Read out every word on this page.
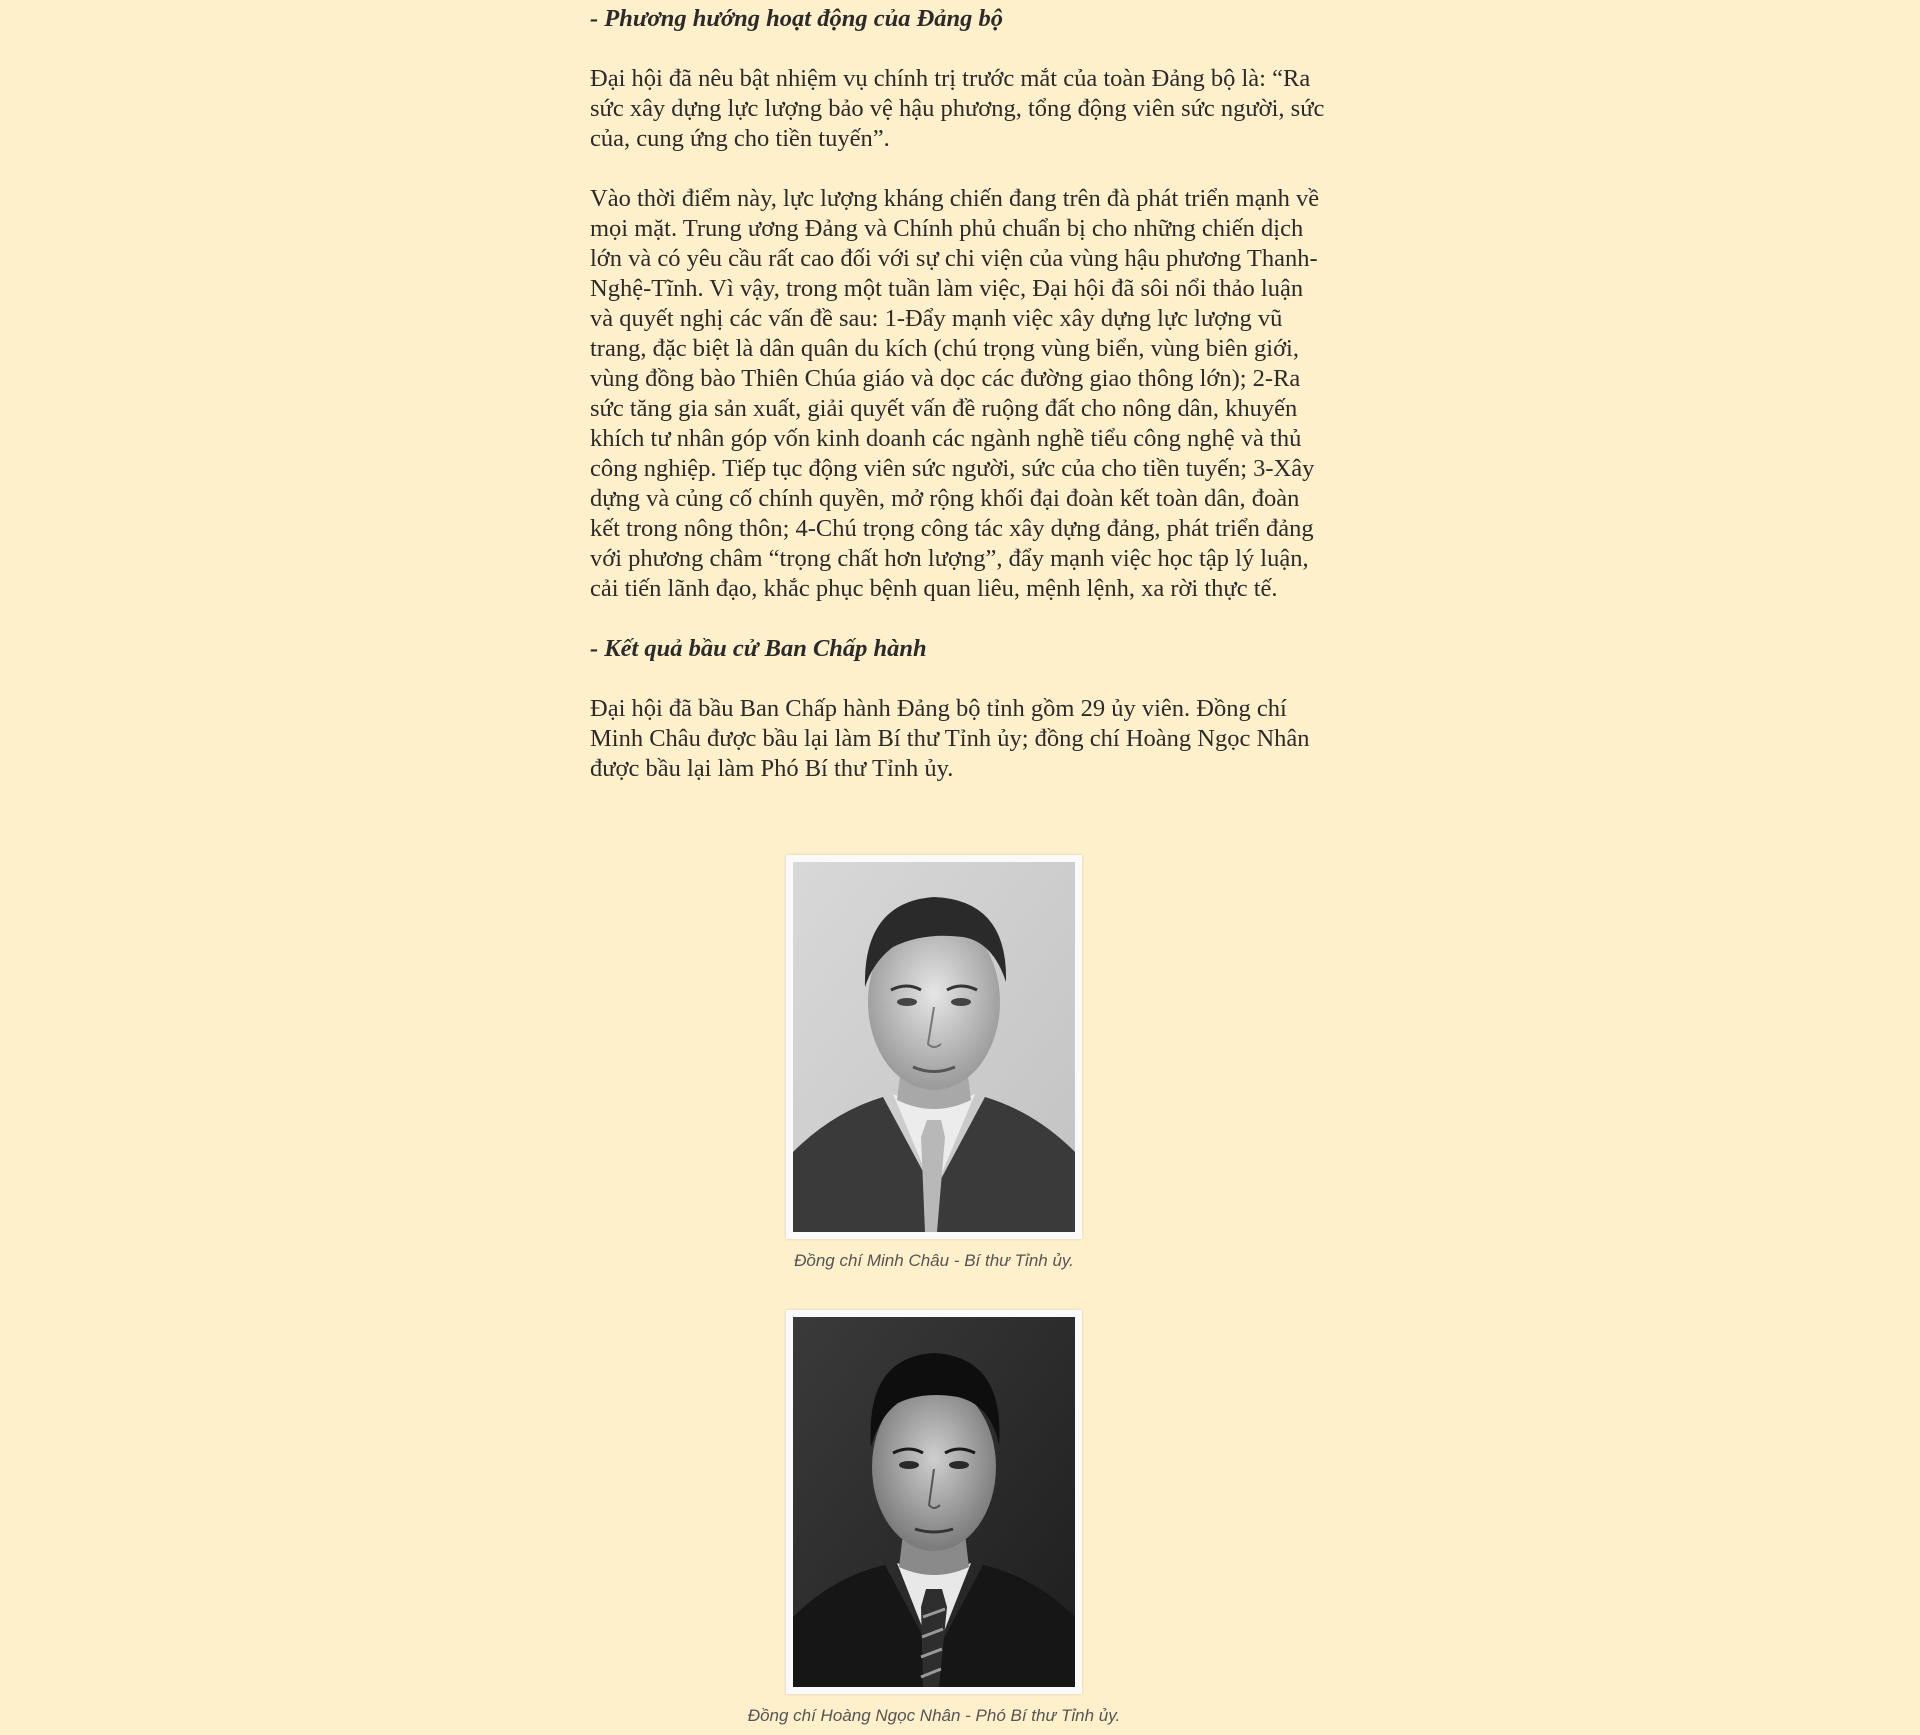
- Phương hướng hoạt động của Đảng bộ

Đại hội đã nêu bật nhiệm vụ chính trị trước mắt của toàn Đảng bộ là: “Ra sức xây dựng lực lượng bảo vệ hậu phương, tổng động viên sức người, sức của, cung ứng cho tiền tuyến”.

Vào thời điểm này, lực lượng kháng chiến đang trên đà phát triển mạnh về mọi mặt. Trung ương Đảng và Chính phủ chuẩn bị cho những chiến dịch lớn và có yêu cầu rất cao đối với sự chi viện của vùng hậu phương Thanh-Nghệ-Tĩnh. Vì vậy, trong một tuần làm việc, Đại hội đã sôi nổi thảo luận và quyết nghị các vấn đề sau: 1-Đẩy mạnh việc xây dựng lực lượng vũ trang, đặc biệt là dân quân du kích (chú trọng vùng biển, vùng biên giới, vùng đồng bào Thiên Chúa giáo và dọc các đường giao thông lớn); 2-Ra sức tăng gia sản xuất, giải quyết vấn đề ruộng đất cho nông dân, khuyến khích tư nhân góp vốn kinh doanh các ngành nghề tiểu công nghệ và thủ công nghiệp. Tiếp tục động viên sức người, sức của cho tiền tuyến; 3-Xây dựng và củng cố chính quyền, mở rộng khối đại đoàn kết toàn dân, đoàn kết trong nông thôn; 4-Chú trọng công tác xây dựng đảng, phát triển đảng với phương châm “trọng chất hơn lượng”, đẩy mạnh việc học tập lý luận, cải tiến lãnh đạo, khắc phục bệnh quan liêu, mệnh lệnh, xa rời thực tế.

- Kết quả bầu cử Ban Chấp hành

Đại hội đã bầu Ban Chấp hành Đảng bộ tỉnh gồm 29 ủy viên. Đồng chí Minh Châu được bầu lại làm Bí thư Tỉnh ủy; đồng chí Hoàng Ngọc Nhân được bầu lại làm Phó Bí thư Tỉnh ủy.

Đồng chí Minh Châu - Bí thư Tỉnh ủy.
Đồng chí Hoàng Ngọc Nhân - Phó Bí thư Tỉnh ủy.
